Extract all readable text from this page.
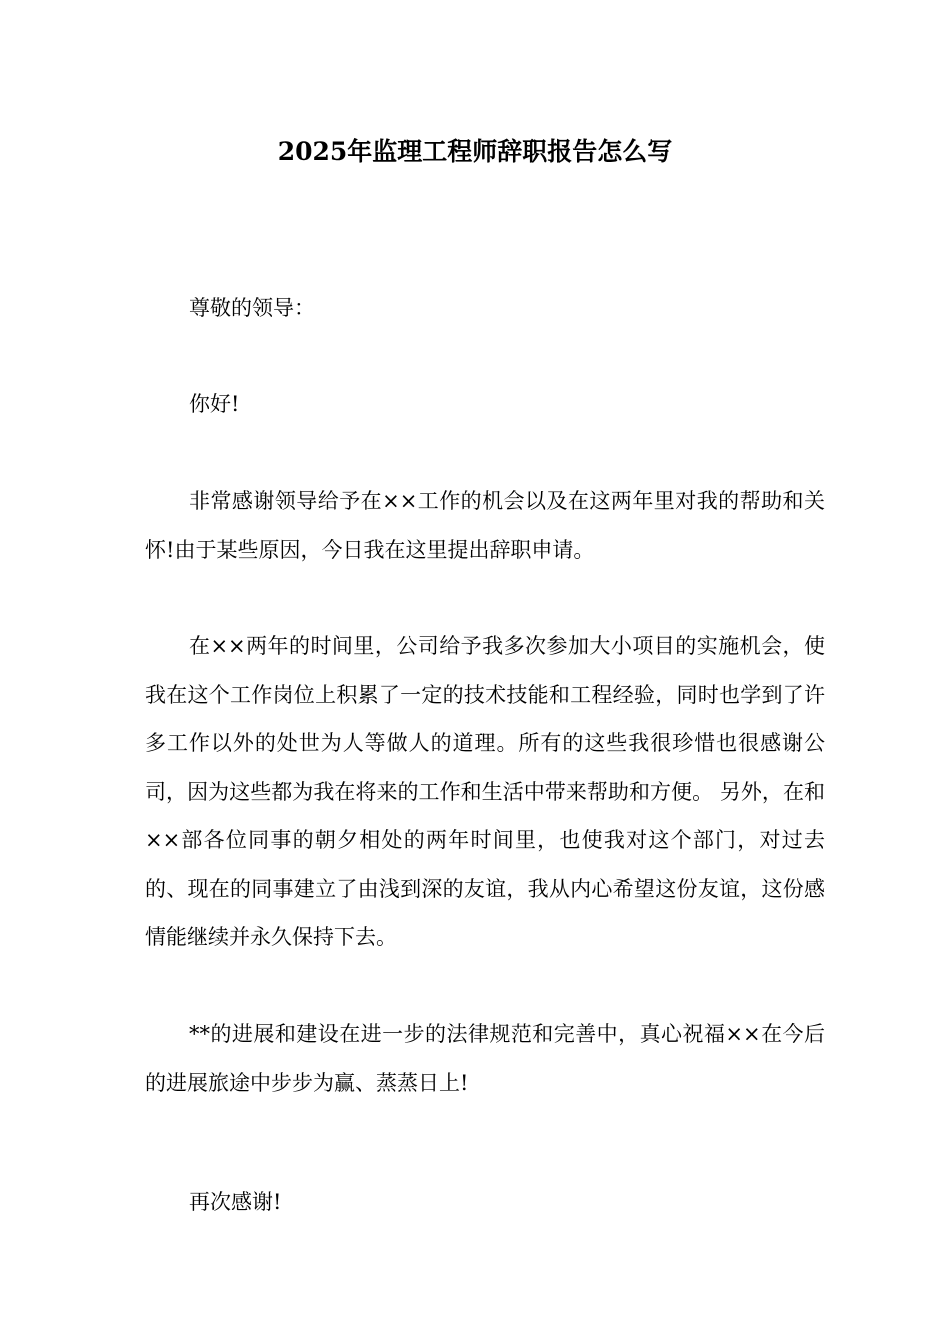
2025年监理工程师辞职报告怎么写

尊敬的领导：

你好!

非常感谢领导给予在××工作的机会以及在这两年里对我的帮助和关怀!由于某些原因，今日我在这里提出辞职申请。

在××两年的时间里，公司给予我多次参加大小项目的实施机会，使我在这个工作岗位上积累了一定的技术技能和工程经验，同时也学到了许多工作以外的处世为人等做人的道理。所有的这些我很珍惜也很感谢公司，因为这些都为我在将来的工作和生活中带来帮助和方便。 另外，在和××部各位同事的朝夕相处的两年时间里，也使我对这个部门，对过去的、现在的同事建立了由浅到深的友谊，我从内心希望这份友谊，这份感情能继续并永久保持下去。

**的进展和建设在进一步的法律规范和完善中，真心祝福××在今后的进展旅途中步步为赢、蒸蒸日上!

再次感谢!
